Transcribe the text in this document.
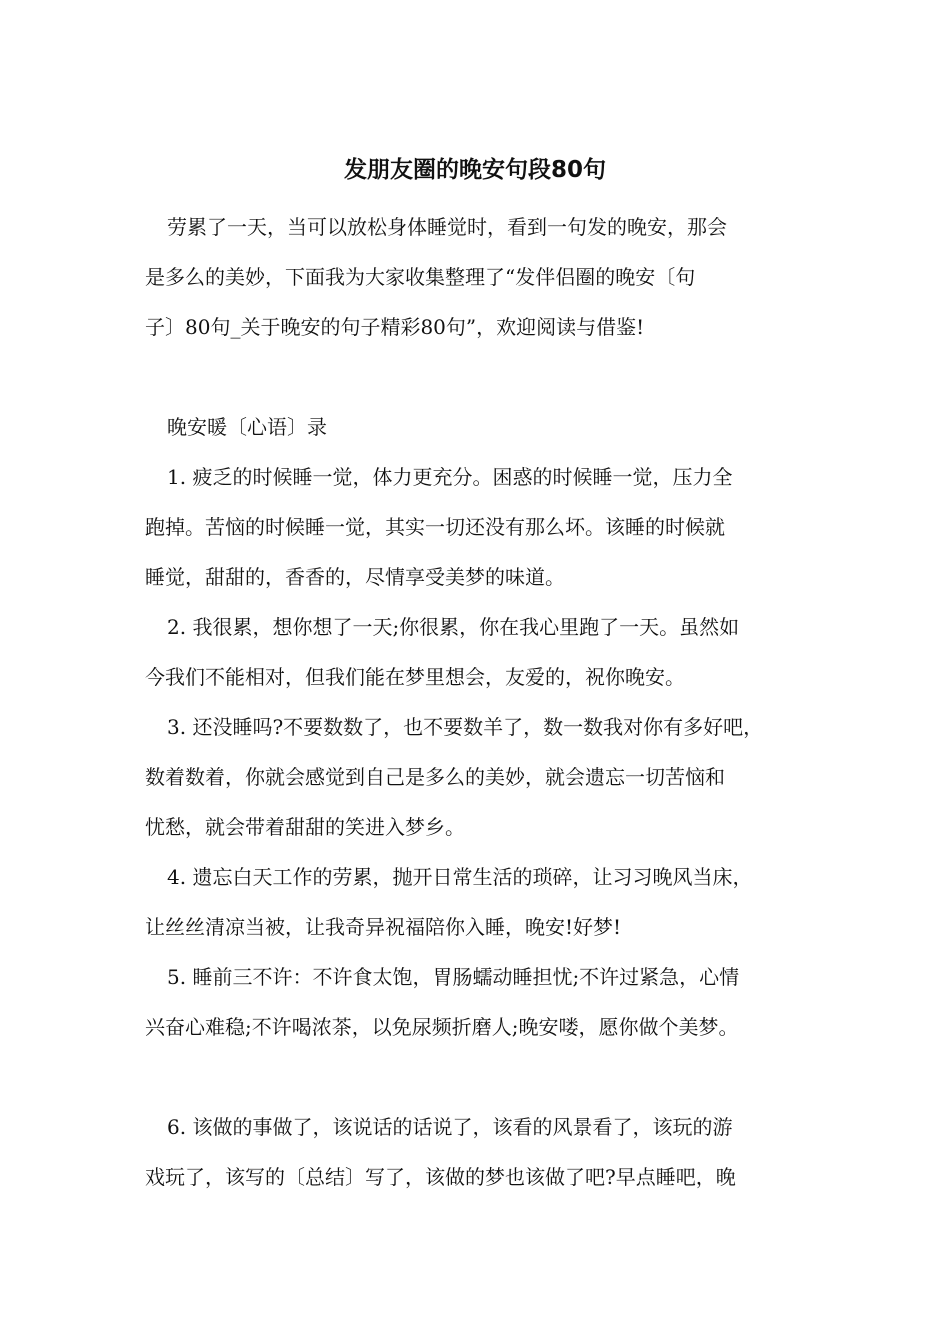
发朋友圈的晚安句段80句
劳累了一天，当可以放松身体睡觉时，看到一句发的晚安，那会
是多么的美妙，下面我为大家收集整理了“发伴侣圈的晚安〔句
子〕80句_关于晚安的句子精彩80句”，欢迎阅读与借鉴!
晚安暖〔心语〕录
1. 疲乏的时候睡一觉，体力更充分。困惑的时候睡一觉，压力全
跑掉。苦恼的时候睡一觉，其实一切还没有那么坏。该睡的时候就
睡觉，甜甜的，香香的，尽情享受美梦的味道。
2. 我很累，想你想了一天;你很累，你在我心里跑了一天。虽然如
今我们不能相对，但我们能在梦里想会，友爱的，祝你晚安。
3. 还没睡吗?不要数数了，也不要数羊了，数一数我对你有多好吧，
数着数着，你就会感觉到自己是多么的美妙，就会遗忘一切苦恼和
忧愁，就会带着甜甜的笑进入梦乡。
4. 遗忘白天工作的劳累，抛开日常生活的琐碎，让习习晚风当床，
让丝丝清凉当被，让我奇异祝福陪你入睡，晚安!好梦!
5. 睡前三不许：不许食太饱，胃肠蠕动睡担忧;不许过紧急，心情
兴奋心难稳;不许喝浓茶，以免尿频折磨人;晚安喽，愿你做个美梦。
6. 该做的事做了，该说话的话说了，该看的风景看了，该玩的游
戏玩了，该写的〔总结〕写了，该做的梦也该做了吧?早点睡吧，晚
